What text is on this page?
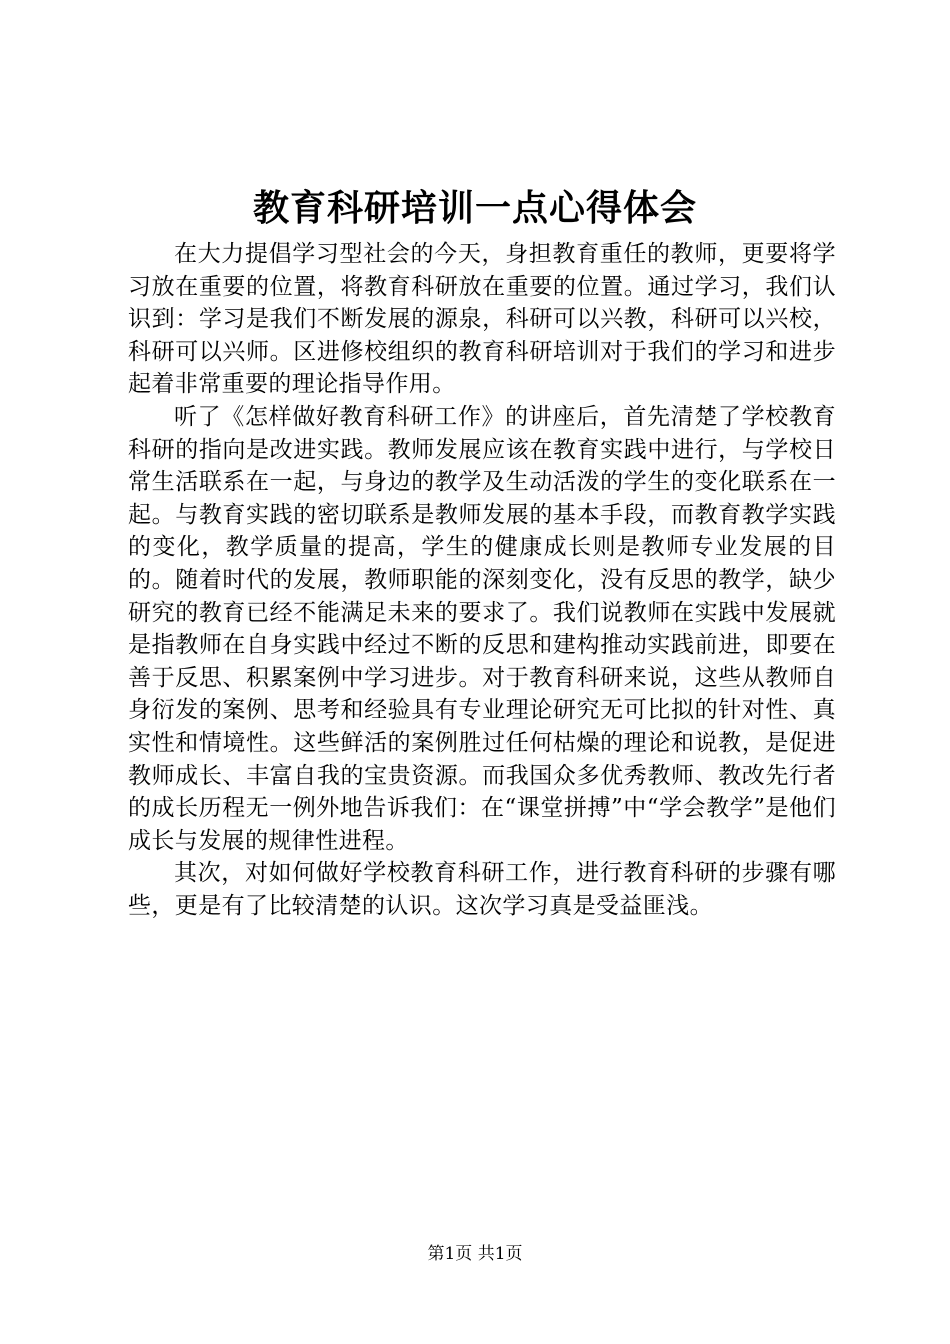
教育科研培训一点心得体会

在大力提倡学习型社会的今天，身担教育重任的教师，更要将学习放在重要的位置，将教育科研放在重要的位置。通过学习，我们认识到：学习是我们不断发展的源泉，科研可以兴教，科研可以兴校，科研可以兴师。区进修校组织的教育科研培训对于我们的学习和进步起着非常重要的理论指导作用。

听了《怎样做好教育科研工作》的讲座后，首先清楚了学校教育科研的指向是改进实践。教师发展应该在教育实践中进行，与学校日常生活联系在一起，与身边的教学及生动活泼的学生的变化联系在一起。与教育实践的密切联系是教师发展的基本手段，而教育教学实践的变化，教学质量的提高，学生的健康成长则是教师专业发展的目的。随着时代的发展，教师职能的深刻变化，没有反思的教学，缺少研究的教育已经不能满足未来的要求了。我们说教师在实践中发展就是指教师在自身实践中经过不断的反思和建构推动实践前进，即要在善于反思、积累案例中学习进步。对于教育科研来说，这些从教师自身衍发的案例、思考和经验具有专业理论研究无可比拟的针对性、真实性和情境性。这些鲜活的案例胜过任何枯燥的理论和说教，是促进教师成长、丰富自我的宝贵资源。而我国众多优秀教师、教改先行者的成长历程无一例外地告诉我们：在“课堂拼搏”中“学会教学”是他们成长与发展的规律性进程。

其次，对如何做好学校教育科研工作，进行教育科研的步骤有哪些，更是有了比较清楚的认识。这次学习真是受益匪浅。

第1页 共1页
